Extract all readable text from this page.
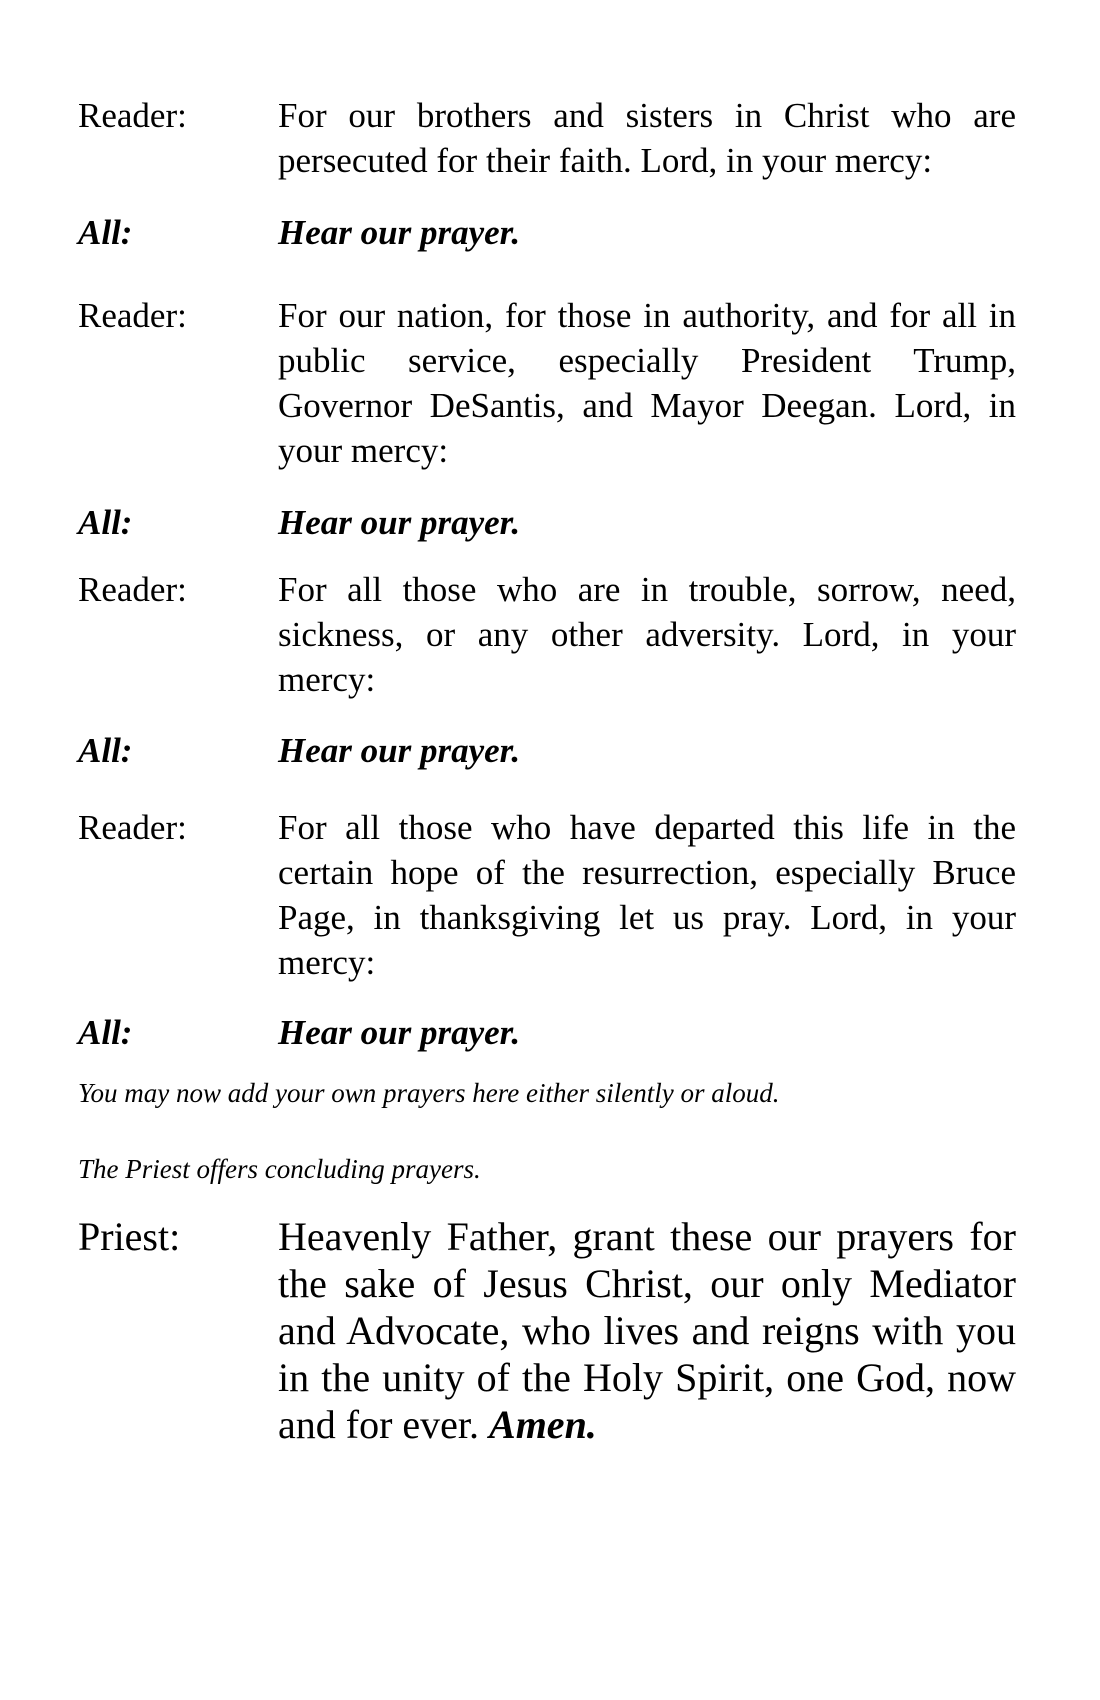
Reader:	For our brothers and sisters in Christ who are persecuted for their faith. Lord, in your mercy:
All:	Hear our prayer.
Reader:	For our nation, for those in authority, and for all in public service, especially President Trump, Governor DeSantis, and Mayor Deegan. Lord, in your mercy:
All:	Hear our prayer.
Reader:	For all those who are in trouble, sorrow, need, sickness, or any other adversity. Lord, in your mercy:
All:	Hear our prayer.
Reader:	For all those who have departed this life in the certain hope of the resurrection, especially Bruce Page, in thanksgiving let us pray. Lord, in your mercy:
All:	Hear our prayer.
You may now add your own prayers here either silently or aloud.
The Priest offers concluding prayers.
Priest:	Heavenly Father, grant these our prayers for the sake of Jesus Christ, our only Mediator and Advocate, who lives and reigns with you in the unity of the Holy Spirit, one God, now and for ever. Amen.
